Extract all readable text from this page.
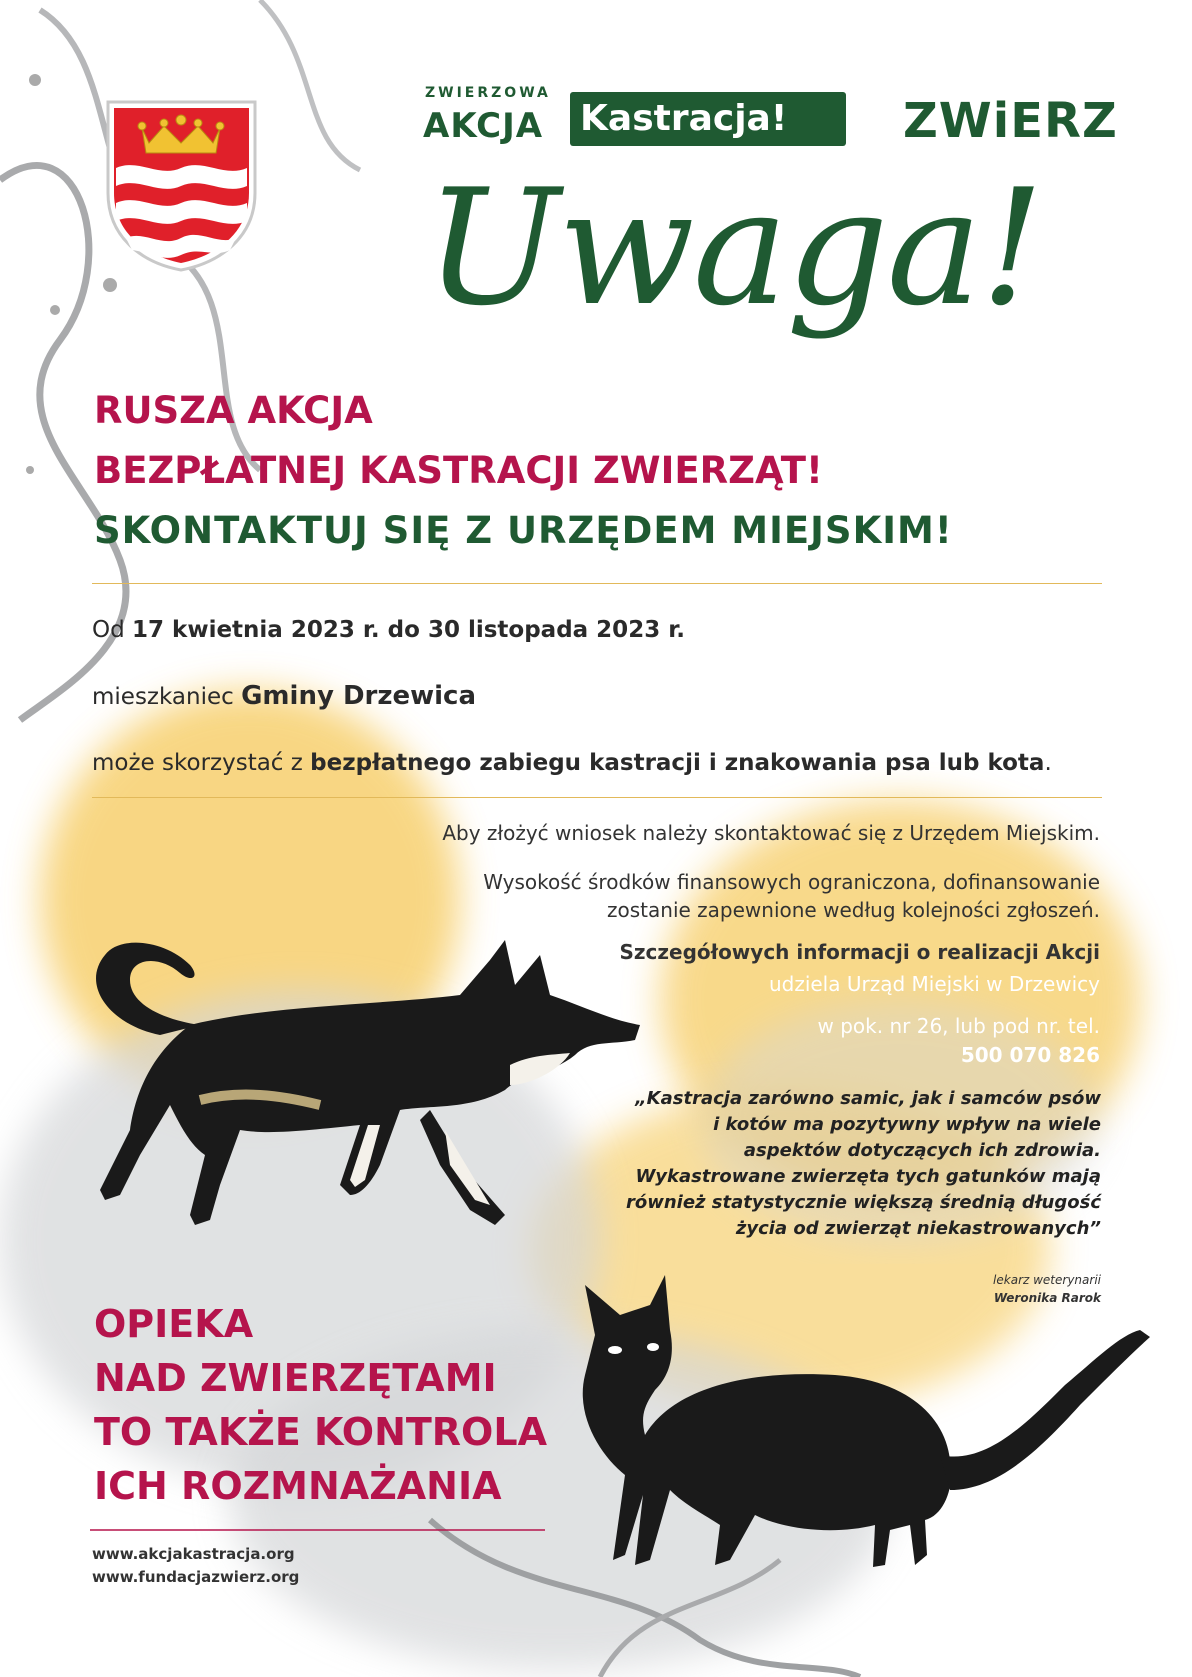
ZWIERZOWA
AKCJA Kastracja! ZWiERZ
Uwaga!
RUSZA AKCJA
BEZPŁATNEJ KASTRACJI ZWIERZĄT!
SKONTAKTUJ SIĘ Z URZĘDEM MIEJSKIM!
Od 17 kwietnia 2023 r. do 30 listopada 2023 r.
mieszkaniec Gminy Drzewica
może skorzystać z bezpłatnego zabiegu kastracji i znakowania psa lub kota.
Aby złożyć wniosek należy skontaktować się z Urzędem Miejskim.
Wysokość środków finansowych ograniczona, dofinansowanie
zostanie zapewnione według kolejności zgłoszeń.
Szczegółowych informacji o realizacji Akcji
udziela Urząd Miejski w Drzewicy
w pok. nr 26, lub pod nr. tel.
500 070 826
„Kastracja zarówno samic, jak i samców psów
i kotów ma pozytywny wpływ na wiele
aspektów dotyczących ich zdrowia.
Wykastrowane zwierzęta tych gatunków mają
również statystycznie większą średnią długość
życia od zwierząt niekastrowanych”
lekarz weterynarii
Weronika Rarok
OPIEKA
NAD ZWIERZĘTAMI
TO TAKŻE KONTROLA
ICH ROZMNAŻANIA
www.akcjakastracja.org
www.fundacjazwierz.org
